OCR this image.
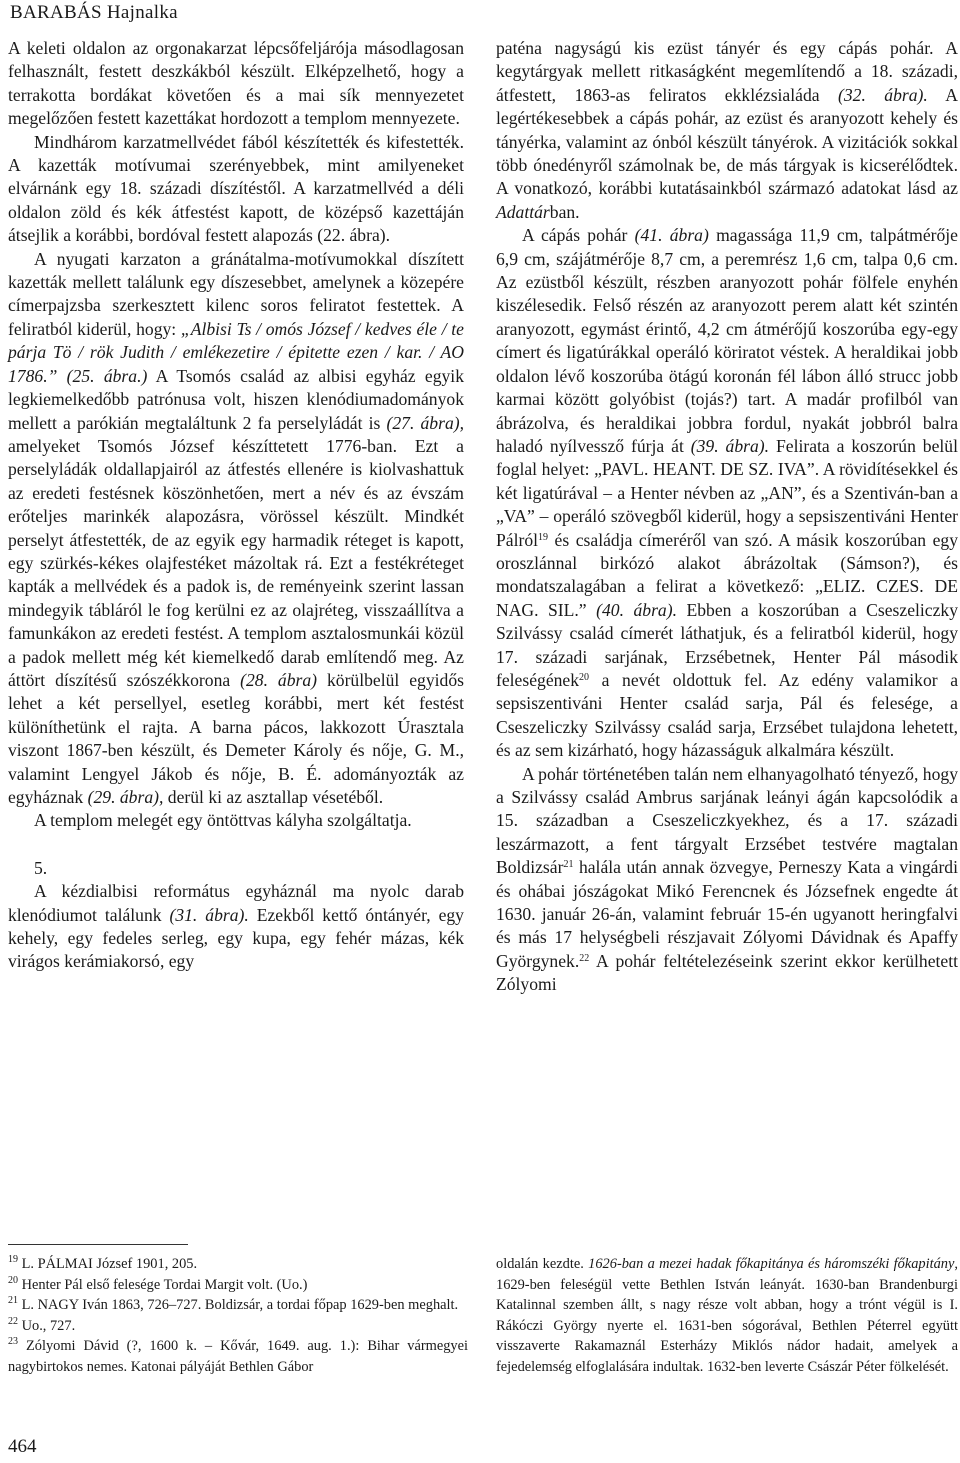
BARABÁS Hajnalka

A keleti oldalon az orgonakarzat lépcsőfeljárója másodlagosan felhasznált, festett deszkákból készült. Elképzelhető, hogy a terrakotta bordákat követően és a mai sík mennyezetet megelőzően festett kazettákat hordozott a templom mennyezete.

Mindhárom karzatmellvédet fából készítették és kifestették. A kazetták motívumai szerényebbek, mint amilyeneket elvárnánk egy 18. századi díszítéstől. A karzatmellvéd a déli oldalon zöld és kék átfestést kapott, de középső kazettáján átsejlik a korábbi, bordóval festett alapozás (22. ábra).

A nyugati karzaton a gránátalma-motívumokkal díszített kazetták mellett találunk egy díszesebbet, amelynek a közepére címerpajzsba szerkesztett kilenc soros feliratot festettek. A feliratból kiderül, hogy: „Albisi Ts / omós József / kedves éle / te párja Tö / rök Judith / emlékezetire / épitette ezen / kar. / AO 1786.” (25. ábra.) A Tsomós család az albisi egyház egyik legkiemelkedőbb patrónusa volt, hiszen klenódiumadományok mellett a parókián megtaláltunk 2 fa perselyládát is (27. ábra), amelyeket Tsomós József készíttetett 1776-ban. Ezt a perselyládák oldallapjairól az átfestés ellenére is kiolvashattuk az eredeti festésnek köszönhetően, mert a név és az évszám erőteljes marinkék alapozásra, vörössel készült. Mindkét perselyt átfestették, de az egyik egy harmadik réteget is kapott, egy szürkés-kékes olajfestéket mázoltak rá. Ezt a festékréteget kapták a mellvédek és a padok is, de reményeink szerint lassan mindegyik tábláról le fog kerülni ez az olajréteg, visszaállítva a famunkákon az eredeti festést. A templom asztalosmunkái közül a padok mellett még két kiemelkedő darab említendő meg. Az áttört díszítésű szószékkorona (28. ábra) körülbelül egyidős lehet a két persellyel, esetleg korábbi, mert két festést különíthetünk el rajta. A barna pácos, lakkozott Úrasztala viszont 1867-ben készült, és Demeter Károly és nője, G. M., valamint Lengyel Jákob és nője, B. É. adományozták az egyháznak (29. ábra), derül ki az asztallap vésetéből.

A templom melegét egy öntöttvas kályha szolgáltatja.

5.

A kézdialbisi református egyháznál ma nyolc darab klenódiumot találunk (31. ábra). Ezekből kettő óntányér, egy kehely, egy fedeles serleg, egy kupa, egy fehér mázas, kék virágos kerámiakorsó, egy

paténa nagyságú kis ezüst tányér és egy cápás pohár. A kegytárgyak mellett ritkaságként megemlítendő a 18. századi, átfestett, 1863-as feliratos ekklézsialáda (32. ábra). A legértékesebbek a cápás pohár, az ezüst és aranyozott kehely és tányérka, valamint az ónból készült tányérok. A vizitációk sokkal több ónedényről számolnak be, de más tárgyak is kicserélődtek. A vonatkozó, korábbi kutatásainkból származó adatokat lásd az Adattárban.

A cápás pohár (41. ábra) magassága 11,9 cm, talpátmérője 6,9 cm, szájátmérője 8,7 cm, a peremrész 1,6 cm, talpa 0,6 cm. Az ezüstből készült, részben aranyozott pohár fölfele enyhén kiszélesedik. Felső részén az aranyozott perem alatt két szintén aranyozott, egymást érintő, 4,2 cm átmérőjű koszorúba egy-egy címert és ligatúrákkal operáló köriratot véstek. A heraldikai jobb oldalon lévő koszorúba ötágú koronán fél lábon álló strucc jobb karmai között golyóbist (tojás?) tart. A madár profilból van ábrázolva, és heraldikai jobbra fordul, nyakát jobbról balra haladó nyílvessző fúrja át (39. ábra). Felirata a koszorún belül foglal helyet: „PAVL. HEANT. DE SZ. IVA”. A rövidítésekkel és két ligatúrával – a Henter névben az „AN”, és a Szentiván-ban a „VA” – operáló szövegből kiderül, hogy a sepsiszentiváni Henter Pálról$^{19}$ és családja címeréről van szó. A másik koszorúban egy oroszlánnal birkózó alakot ábrázoltak (Sámson?), és mondatszalagában a felirat a következő: „ELIZ. CZES. DE NAG. SIL.” (40. ábra). Ebben a koszorúban a Cseszeliczky Szilvássy család címerét láthatjuk, és a feliratból kiderül, hogy 17. századi sarjának, Erzsébetnek, Henter Pál második feleségének$^{20}$ a nevét oldottuk fel. Az edény valamikor a sepsiszentiváni Henter család sarja, Pál és felesége, a Cseszeliczky Szilvássy család sarja, Erzsébet tulajdona lehetett, és az sem kizárható, hogy házasságuk alkalmára készült.

A pohár történetében talán nem elhanyagolható tényező, hogy a Szilvássy család Ambrus sarjának leányi ágán kapcsolódik a 15. században a Cseszeliczkyekhez, és a 17. századi leszármazott, a fent tárgyalt Erzsébet testvére magtalan Boldizsár$^{21}$ halála után annak özvegye, Perneszy Kata a vingárdi és ohábai jószágokat Mikó Ferencnek és Józsefnek engedte át 1630. január 26-án, valamint február 15-én ugyanott heringfalvi és más 17 helységbeli részjavait Zólyomi Dávidnak és Apaffy Györgynek.$^{22}$ A pohár feltételezéseink szerint ekkor kerülhetett Zólyomi

$^{19}$ L. PÁLMAI József 1901, 205.

$^{20}$ Henter Pál első felesége Tordai Margit volt. (Uo.)

$^{21}$ L. NAGY Iván 1863, 726–727. Boldizsár, a tordai főpap 1629-ben meghalt.

$^{22}$ Uo., 727.

$^{23}$ Zólyomi Dávid (?, 1600 k. – Kővár, 1649. aug. 1.): Bihar vármegyei nagybirtokos nemes. Katonai pályáját Bethlen Gábor

oldalán kezdte. 1626-ban a mezei hadak főkapitánya és háromszéki főkapitány, 1629-ben feleségül vette Bethlen István leányát. 1630-ban Brandenburgi Katalinnal szemben állt, s nagy része volt abban, hogy a trónt végül is I. Rákóczi György nyerte el. 1631-ben sógorával, Bethlen Péterrel együtt visszaverte Rakamaznál Esterházy Miklós nádor hadait, amelyek a fejedelemség elfoglalására indultak. 1632-ben leverte Császár Péter fölkelését.

464
